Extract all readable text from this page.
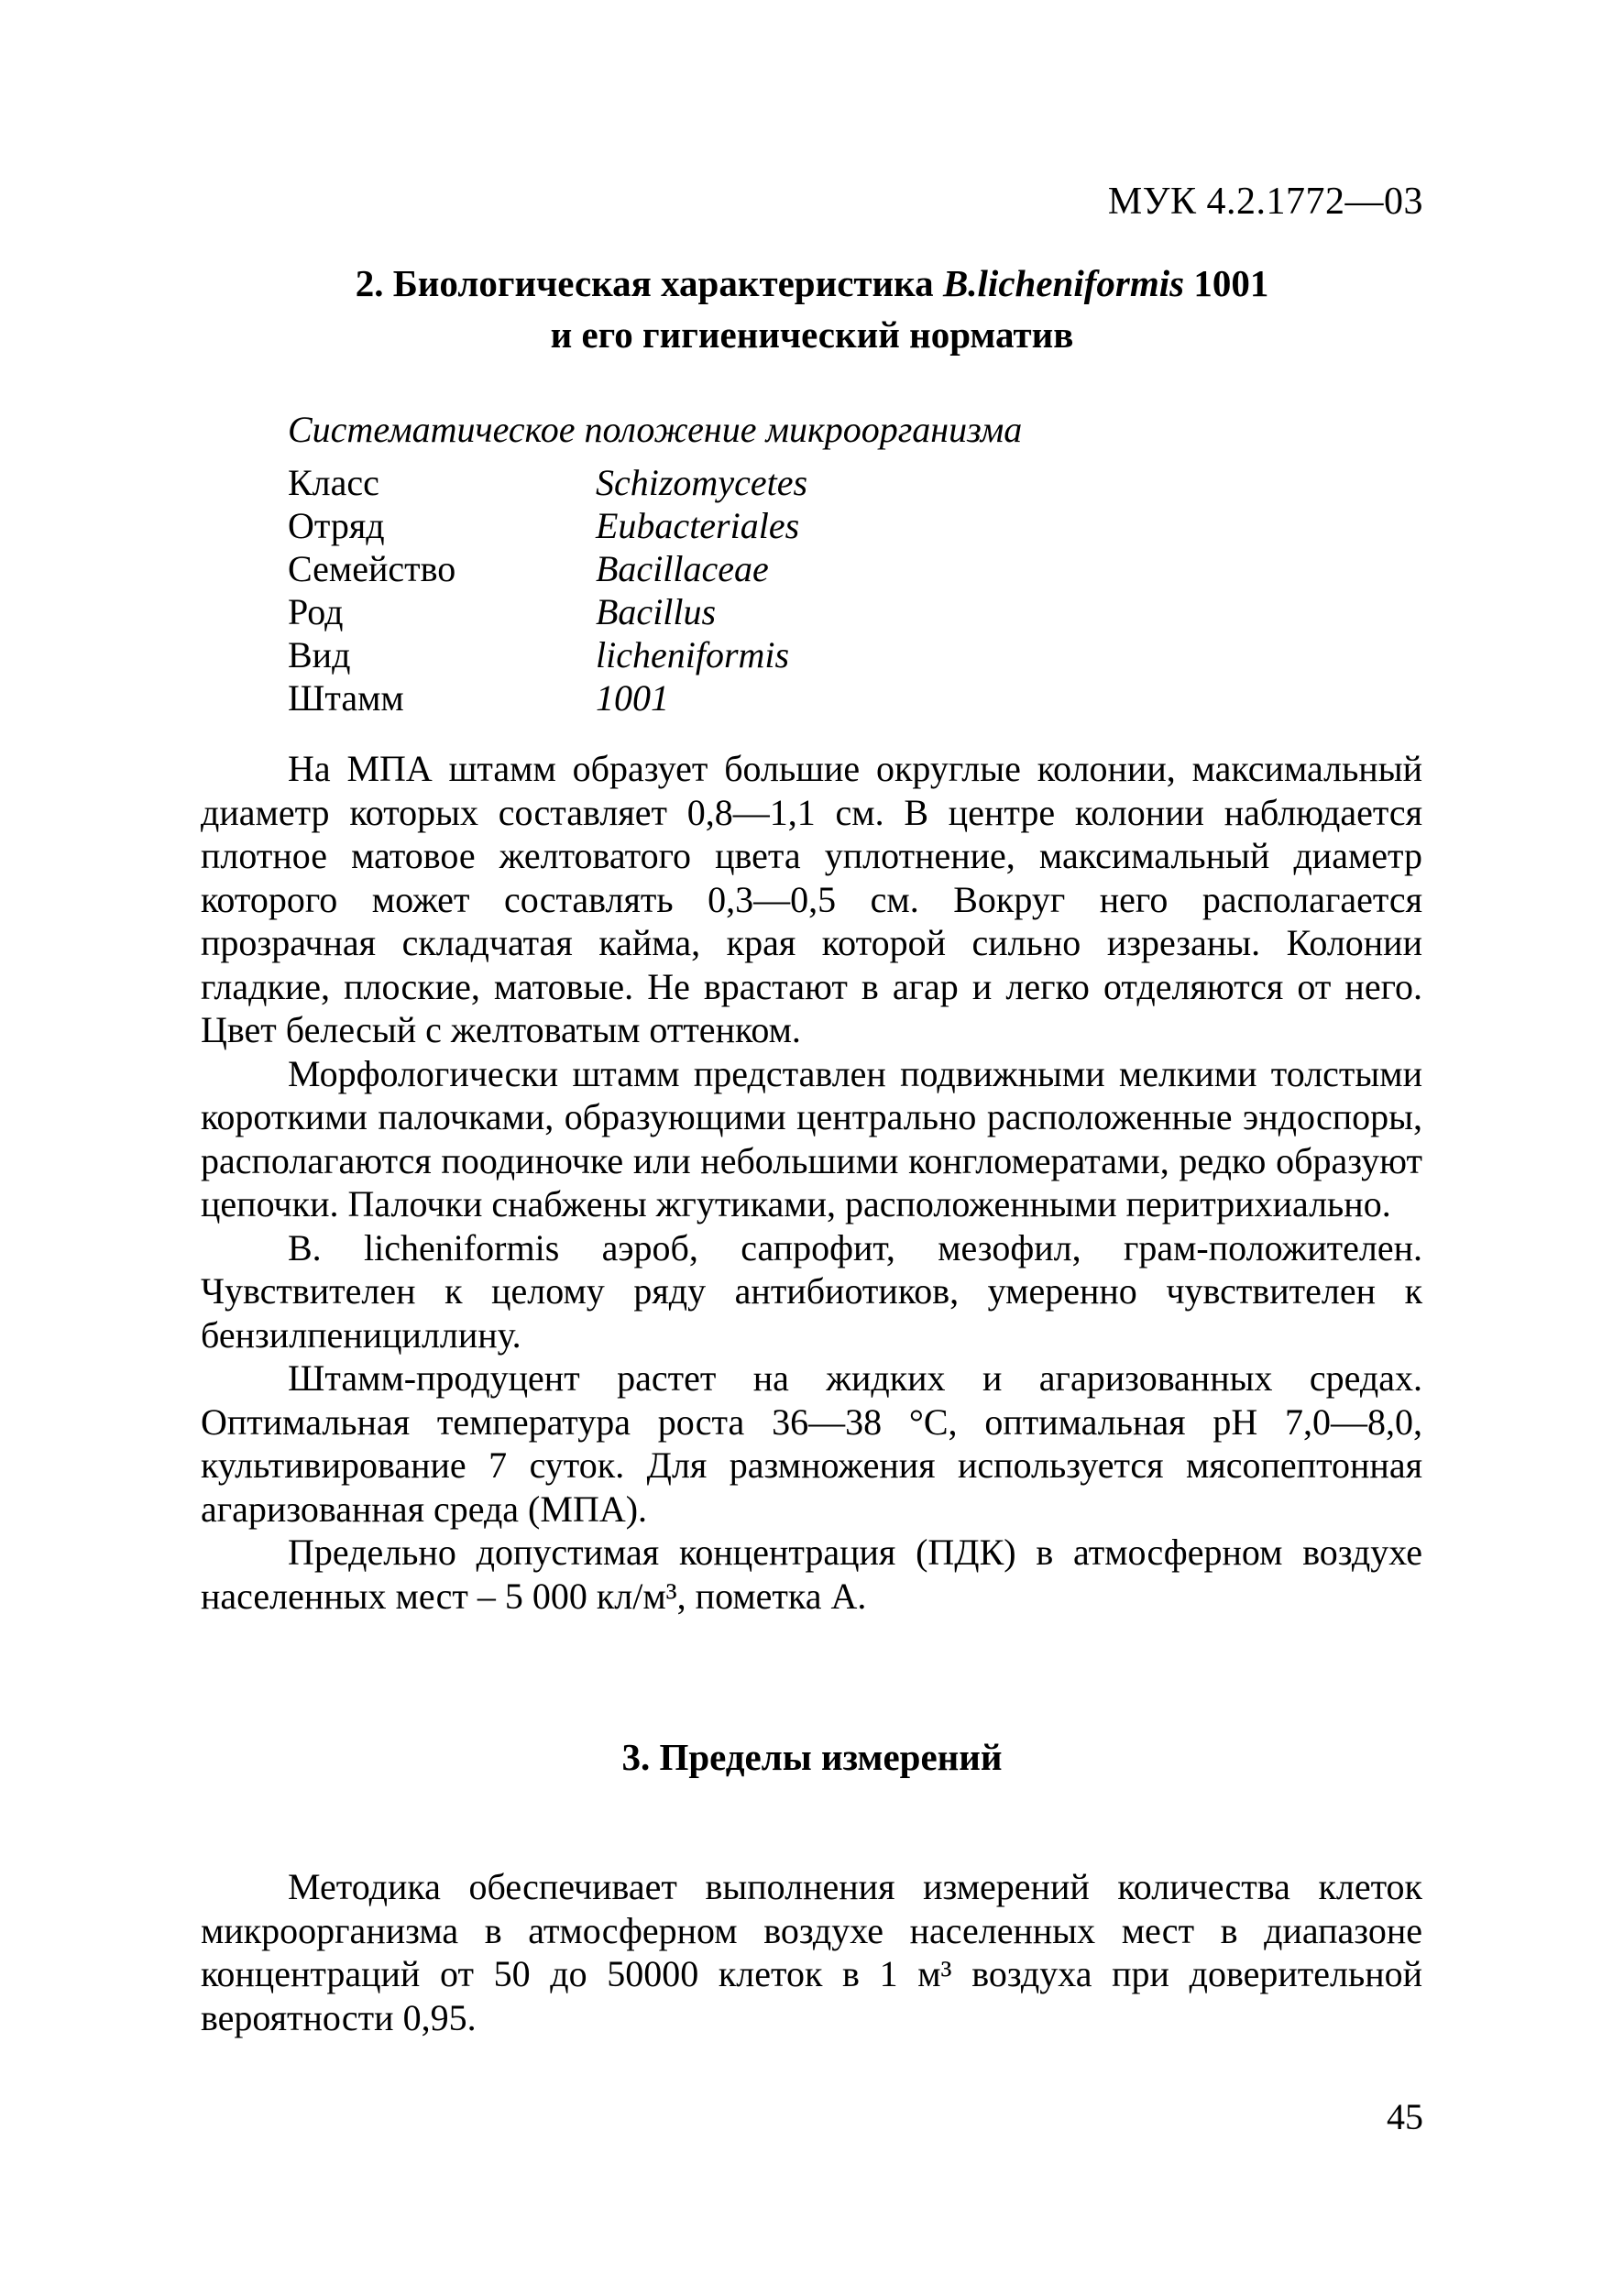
МУК 4.2.1772—03
2. Биологическая характеристика B.licheniformis 1001
и его гигиенический норматив
Систематическое положение микроорганизма
Класс	Schizomycetes
Отряд	Eubacteriales
Семейство	Bacillaceae
Род	Bacillus
Вид	licheniformis
Штамм	1001

На МПА штамм образует большие округлые колонии, максимальный диаметр которых составляет 0,8—1,1 см. В центре колонии наблюдается плотное матовое желтоватого цвета уплотнение, максимальный диаметр которого может составлять 0,3—0,5 см. Вокруг него располагается прозрачная складчатая кайма, края которой сильно изрезаны. Колонии гладкие, плоские, матовые. Не врастают в агар и легко отделяются от него. Цвет белесый с желтоватым оттенком.

Морфологически штамм представлен подвижными мелкими толстыми короткими палочками, образующими центрально расположенные эндоспоры, располагаются поодиночке или небольшими конгломератами, редко образуют цепочки. Палочки снабжены жгутиками, расположенными перитрихиально.

B. licheniformis аэроб, сапрофит, мезофил, грам-положителен. Чувствителен к целому ряду антибиотиков, умеренно чувствителен к бензилпенициллину.

Штамм-продуцент растет на жидких и агаризованных средах. Оптимальная температура роста 36—38 °С, оптимальная pH 7,0—8,0, культивирование 7 суток. Для размножения используется мясопептонная агаризованная среда (МПА).

Предельно допустимая концентрация (ПДК) в атмосферном воздухе населенных мест – 5 000 кл/м³, пометка А.

3. Пределы измерений

Методика обеспечивает выполнения измерений количества клеток микроорганизма в атмосферном воздухе населенных мест в диапазоне концентраций от 50 до 50000 клеток в 1 м³ воздуха при доверительной вероятности 0,95.

45
